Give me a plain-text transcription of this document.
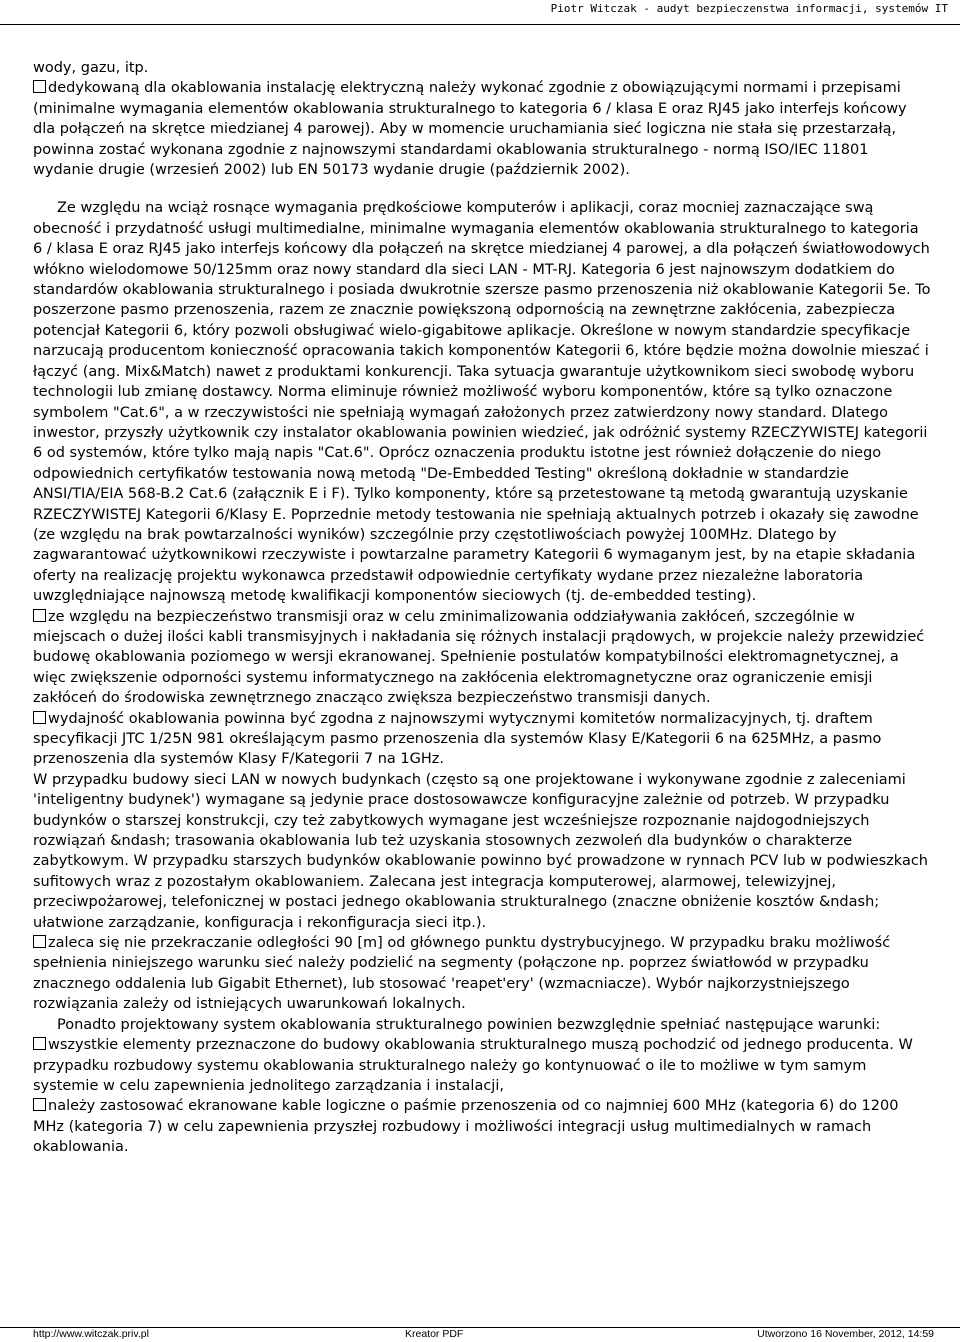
Piotr Witczak - audyt bezpieczenstwa informacji, systemów IT

wody, gazu, itp.

dedykowaną dla okablowania instalację elektryczną należy wykonać zgodnie z obowiązującymi normami i przepisami (minimalne wymagania elementów okablowania strukturalnego to kategoria 6 / klasa E oraz RJ45 jako interfejs końcowy dla połączeń na skrętce miedzianej 4 parowej). Aby w momencie uruchamiania sieć logiczna nie stała się przestarzałą, powinna zostać wykonana zgodnie z najnowszymi standardami okablowania strukturalnego - normą ISO/IEC 11801 wydanie drugie (wrzesień 2002) lub EN 50173 wydanie drugie (październik 2002).

Ze względu na wciąż rosnące wymagania prędkościowe komputerów i aplikacji, coraz mocniej zaznaczające swą obecność i przydatność usługi multimedialne, minimalne wymagania elementów okablowania strukturalnego to kategoria 6 / klasa E oraz RJ45 jako interfejs końcowy dla połączeń na skrętce miedzianej 4 parowej, a dla połączeń światłowodowych włókno wielodomowe 50/125mm oraz nowy standard dla sieci LAN - MT-RJ. Kategoria 6 jest najnowszym dodatkiem do standardów okablowania strukturalnego i posiada dwukrotnie szersze pasmo przenoszenia niż okablowanie Kategorii 5e. To poszerzone pasmo przenoszenia, razem ze znacznie powiększoną odpornością na zewnętrzne zakłócenia, zabezpiecza potencjał Kategorii 6, który pozwoli obsługiwać wielo-gigabitowe aplikacje. Określone w nowym standardzie specyfikacje narzucają producentom konieczność opracowania takich komponentów Kategorii 6, które będzie można dowolnie mieszać i łączyć (ang. Mix&Match) nawet z produktami konkurencji. Taka sytuacja gwarantuje użytkownikom sieci swobodę wyboru technologii lub zmianę dostawcy. Norma eliminuje również możliwość wyboru komponentów, które są tylko oznaczone symbolem "Cat.6", a w rzeczywistości nie spełniają wymagań założonych przez zatwierdzony nowy standard. Dlatego inwestor, przyszły użytkownik czy instalator okablowania powinien wiedzieć, jak odróżnić systemy RZECZYWISTEJ kategorii 6 od systemów, które tylko mają napis "Cat.6". Oprócz oznaczenia produktu istotne jest również dołączenie do niego odpowiednich certyfikatów testowania nową metodą "De-Embedded Testing" określoną dokładnie w standardzie ANSI/TIA/EIA 568-B.2 Cat.6 (załącznik E i F). Tylko komponenty, które są przetestowane tą metodą gwarantują uzyskanie RZECZYWISTEJ Kategorii 6/Klasy E. Poprzednie metody testowania nie spełniają aktualnych potrzeb i okazały się zawodne (ze względu na brak powtarzalności wyników) szczególnie przy częstotliwościach powyżej 100MHz. Dlatego by zagwarantować użytkownikowi rzeczywiste i powtarzalne parametry Kategorii 6 wymaganym jest, by na etapie składania oferty na realizację projektu wykonawca przedstawił odpowiednie certyfikaty wydane przez niezależne laboratoria uwzględniające najnowszą metodę kwalifikacji komponentów sieciowych (tj. de-embedded testing).

ze względu na bezpieczeństwo transmisji oraz w celu zminimalizowania oddziaływania zakłóceń, szczególnie w miejscach o dużej ilości kabli transmisyjnych i nakładania się różnych instalacji prądowych, w projekcie należy przewidzieć budowę okablowania poziomego w wersji ekranowanej. Spełnienie postulatów kompatybilności elektromagnetycznej, a więc zwiększenie odporności systemu informatycznego na zakłócenia elektromagnetyczne oraz ograniczenie emisji zakłóceń do środowiska zewnętrznego znacząco zwiększa bezpieczeństwo transmisji danych.

wydajność okablowania powinna być zgodna z najnowszymi wytycznymi komitetów normalizacyjnych, tj. draftem specyfikacji JTC 1/25N 981 określającym pasmo przenoszenia dla systemów Klasy E/Kategorii 6 na 625MHz, a pasmo przenoszenia dla systemów Klasy F/Kategorii 7 na 1GHz.

W przypadku budowy sieci LAN w nowych budynkach (często są one projektowane i wykonywane zgodnie z zaleceniami 'inteligentny budynek') wymagane są jedynie prace dostosowawcze konfiguracyjne zależnie od potrzeb. W przypadku budynków o starszej konstrukcji, czy też zabytkowych wymagane jest wcześniejsze rozpoznanie najdogodniejszych rozwiązań &ndash; trasowania okablowania lub też uzyskania stosownych zezwoleń dla budynków o charakterze zabytkowym. W przypadku starszych budynków okablowanie powinno być prowadzone w rynnach PCV lub w podwieszkach sufitowych wraz z pozostałym okablowaniem. Zalecana jest integracja komputerowej, alarmowej, telewizyjnej, przeciwpożarowej, telefonicznej w postaci jednego okablowania strukturalnego (znaczne obniżenie kosztów &ndash; ułatwione zarządzanie, konfiguracja i rekonfiguracja sieci itp.).

zaleca się nie przekraczanie odległości 90 [m] od głównego punktu dystrybucyjnego. W przypadku braku możliwość spełnienia niniejszego warunku sieć należy podzielić na segmenty (połączone np. poprzez światłowód w przypadku znacznego oddalenia lub Gigabit Ethernet), lub stosować 'reapet'ery' (wzmacniacze). Wybór najkorzystniejszego rozwiązania zależy od istniejących uwarunkowań lokalnych.

Ponadto projektowany system okablowania strukturalnego powinien bezwzględnie spełniać następujące warunki:

wszystkie elementy przeznaczone do budowy okablowania strukturalnego muszą pochodzić od jednego producenta. W przypadku rozbudowy systemu okablowania strukturalnego należy go kontynuować o ile to możliwe w tym samym systemie w celu zapewnienia jednolitego zarządzania i instalacji,

należy zastosować ekranowane kable logiczne o paśmie przenoszenia od co najmniej 600 MHz (kategoria 6) do 1200 MHz (kategoria 7) w celu zapewnienia przyszłej rozbudowy i możliwości integracji usług multimedialnych w ramach okablowania.

http://www.witczak.priv.pl	Kreator PDF	Utworzono 16 November, 2012, 14:59
